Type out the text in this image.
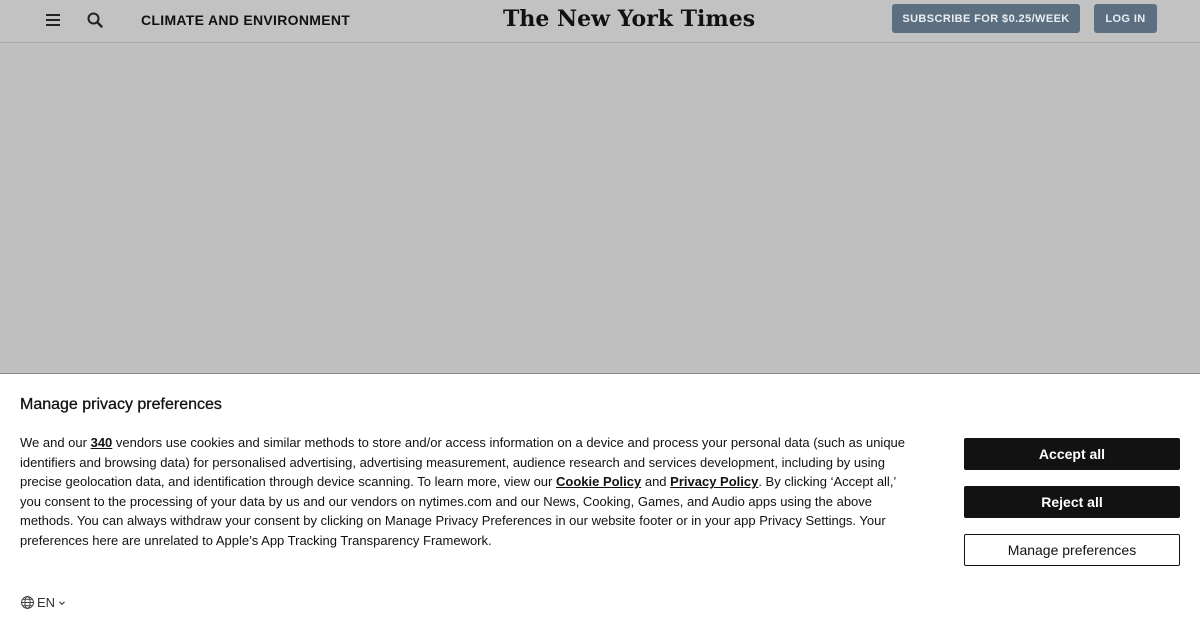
CLIMATE AND ENVIRONMENT	The New York Times	SUBSCRIBE FOR $0.25/WEEK	LOG IN
Manage privacy preferences

We and our 340 vendors use cookies and similar methods to store and/or access information on a device and process your personal data (such as unique identifiers and browsing data) for personalised advertising, advertising measurement, audience research and services development, including by using precise geolocation data, and identification through device scanning. To learn more, view our Cookie Policy and Privacy Policy. By clicking ‘Accept all,’ you consent to the processing of your data by us and our vendors on nytimes.com and our News, Cooking, Games, and Audio apps using the above methods. You can always withdraw your consent by clicking on Manage Privacy Preferences in our website footer or in your app Privacy Settings. Your preferences here are unrelated to Apple’s App Tracking Transparency Framework.

Accept all
Reject all
Manage preferences
EN
